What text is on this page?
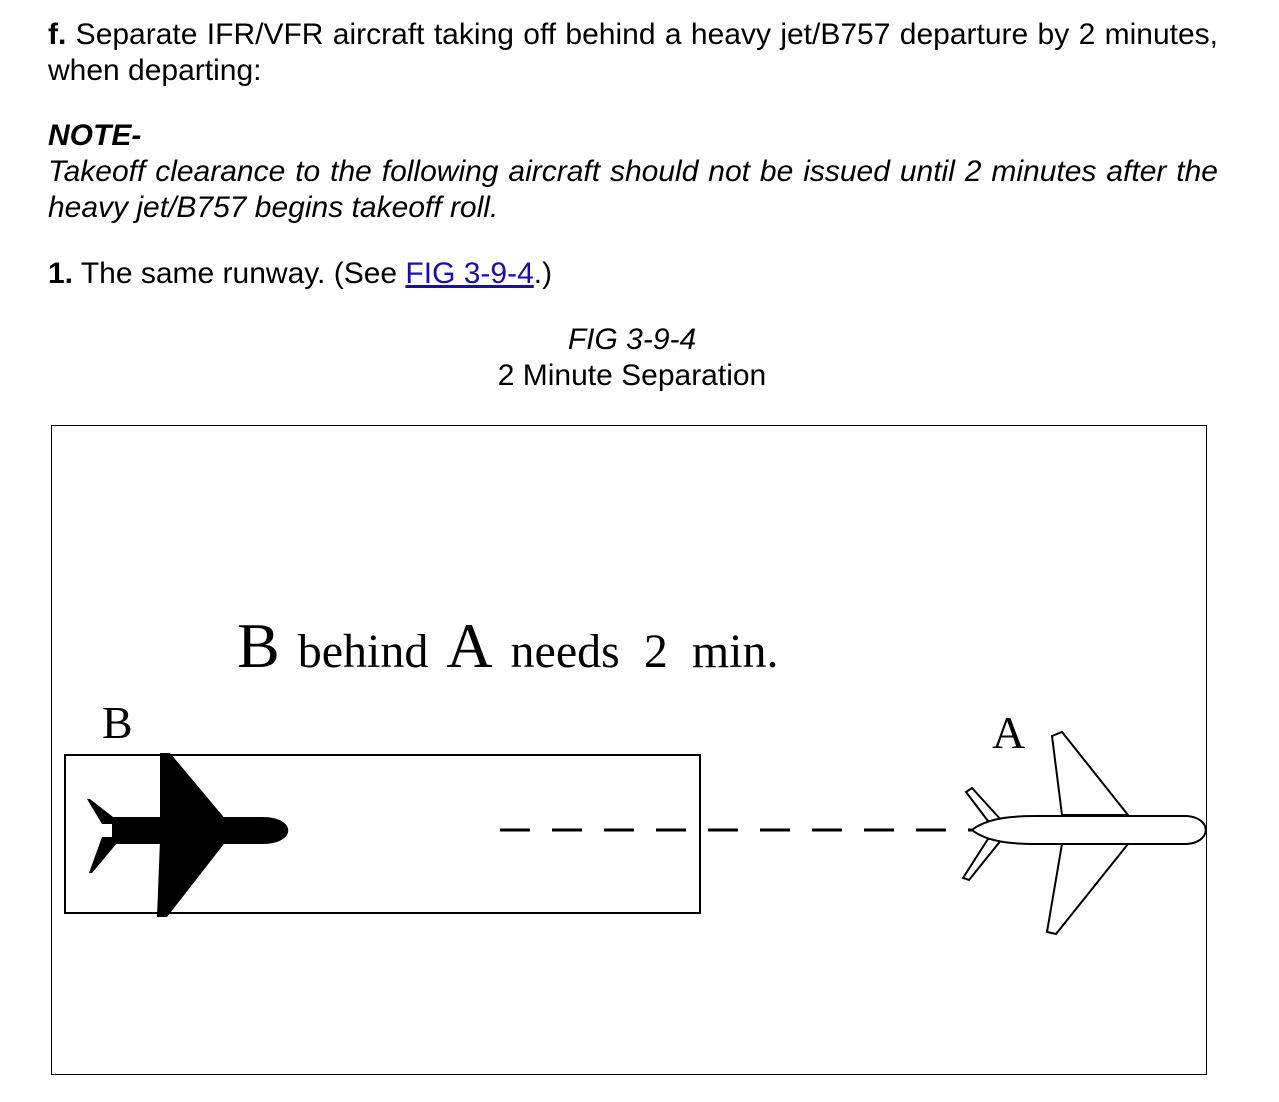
f. Separate IFR/VFR aircraft taking off behind a heavy jet/B757 departure by 2 minutes, when departing:
NOTE-
Takeoff clearance to the following aircraft should not be issued until 2 minutes after the heavy jet/B757 begins takeoff roll.
1. The same runway. (See FIG 3-9-4.)
FIG 3-9-4
2 Minute Separation
B behind A needs 2 min.
B	A
